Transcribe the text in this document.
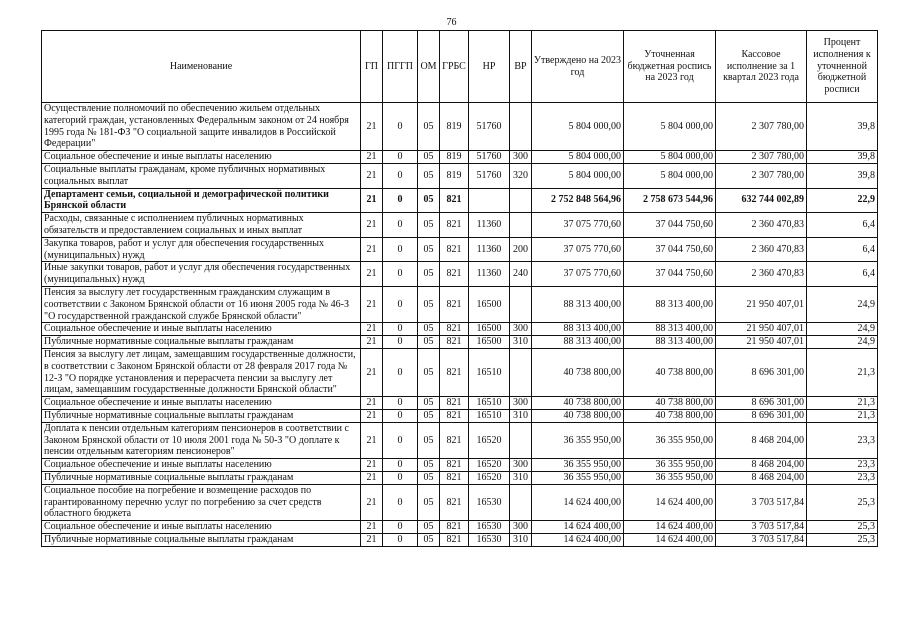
76
Наименование	ГП	ПГГП	ОМ	ГРБС	НР	ВР	Утверждено на 2023 год	Уточненная бюджетная роспись на 2023 год	Кассовое исполнение за 1 квартал 2023 года	Процент исполнения к уточненной бюджетной росписи
Осуществление полномочий по обеспечению жильем отдельных категорий граждан, установленных Федеральным законом от 24 ноября 1995 года № 181-ФЗ "О социальной защите инвалидов в Российской Федерации"	21	0	05	819	51760		5 804 000,00	5 804 000,00	2 307 780,00	39,8
Социальное обеспечение и иные выплаты населению	21	0	05	819	51760	300	5 804 000,00	5 804 000,00	2 307 780,00	39,8
Социальные выплаты гражданам, кроме публичных нормативных социальных выплат	21	0	05	819	51760	320	5 804 000,00	5 804 000,00	2 307 780,00	39,8
Департамент семьи, социальной и демографической политики Брянской области	21	0	05	821			2 752 848 564,96	2 758 673 544,96	632 744 002,89	22,9
Расходы, связанные с исполнением публичных нормативных обязательств и предоставлением социальных и иных выплат	21	0	05	821	11360		37 075 770,60	37 044 750,60	2 360 470,83	6,4
Закупка товаров, работ и услуг для обеспечения государственных (муниципальных) нужд	21	0	05	821	11360	200	37 075 770,60	37 044 750,60	2 360 470,83	6,4
Иные закупки товаров, работ и услуг для обеспечения государственных (муниципальных) нужд	21	0	05	821	11360	240	37 075 770,60	37 044 750,60	2 360 470,83	6,4
Пенсия за выслугу лет государственным гражданским служащим в соответствии с Законом Брянской области от 16 июня 2005 года № 46-З "О государственной гражданской службе Брянской области"	21	0	05	821	16500		88 313 400,00	88 313 400,00	21 950 407,01	24,9
Социальное обеспечение и иные выплаты населению	21	0	05	821	16500	300	88 313 400,00	88 313 400,00	21 950 407,01	24,9
Публичные нормативные социальные выплаты гражданам	21	0	05	821	16500	310	88 313 400,00	88 313 400,00	21 950 407,01	24,9
Пенсия за выслугу лет лицам, замещавшим государственные должности, в соответствии с Законом Брянской области от 28 февраля 2017 года № 12-З "О порядке установления и перерасчета пенсии за выслугу лет лицам, замещавшим государственные должности Брянской области"	21	0	05	821	16510		40 738 800,00	40 738 800,00	8 696 301,00	21,3
Социальное обеспечение и иные выплаты населению	21	0	05	821	16510	300	40 738 800,00	40 738 800,00	8 696 301,00	21,3
Публичные нормативные социальные выплаты гражданам	21	0	05	821	16510	310	40 738 800,00	40 738 800,00	8 696 301,00	21,3
Доплата к пенсии отдельным категориям пенсионеров в соответствии с Законом Брянской области от 10 июля 2001 года № 50-З "О доплате к пенсии отдельным категориям пенсионеров"	21	0	05	821	16520		36 355 950,00	36 355 950,00	8 468 204,00	23,3
Социальное обеспечение и иные выплаты населению	21	0	05	821	16520	300	36 355 950,00	36 355 950,00	8 468 204,00	23,3
Публичные нормативные социальные выплаты гражданам	21	0	05	821	16520	310	36 355 950,00	36 355 950,00	8 468 204,00	23,3
Социальное пособие на погребение и возмещение расходов по гарантированному перечню услуг по погребению за счет средств областного бюджета	21	0	05	821	16530		14 624 400,00	14 624 400,00	3 703 517,84	25,3
Социальное обеспечение и иные выплаты населению	21	0	05	821	16530	300	14 624 400,00	14 624 400,00	3 703 517,84	25,3
Публичные нормативные социальные выплаты гражданам	21	0	05	821	16530	310	14 624 400,00	14 624 400,00	3 703 517,84	25,3
